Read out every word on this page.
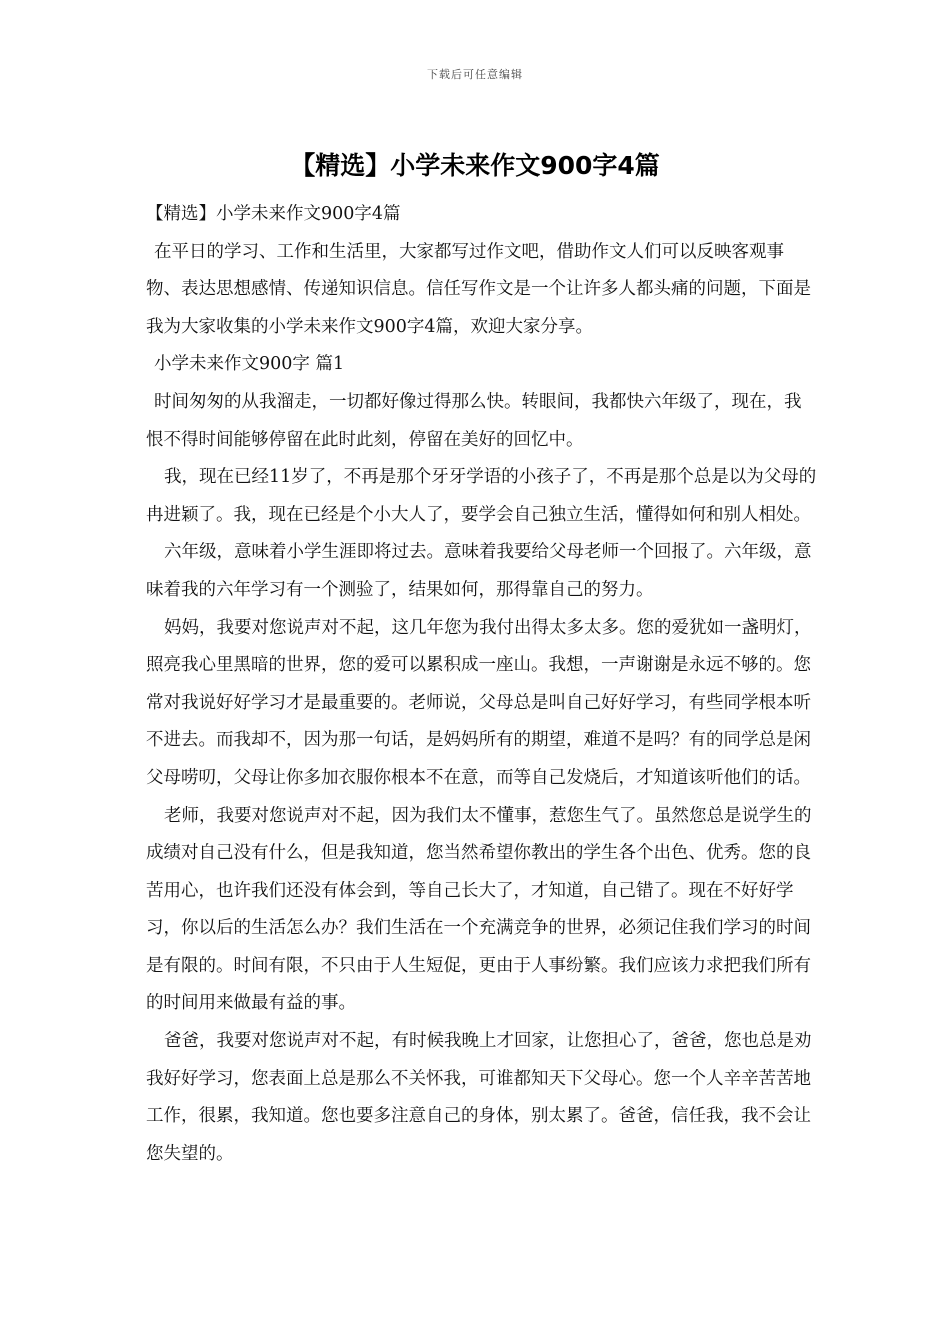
下载后可任意编辑
【精选】小学未来作文900字4篇

【精选】小学未来作文900字4篇

在平日的学习、工作和生活里，大家都写过作文吧，借助作文人们可以反映客观事物、表达思想感情、传递知识信息。信任写作文是一个让许多人都头痛的问题，下面是我为大家收集的小学未来作文900字4篇，欢迎大家分享。

小学未来作文900字 篇1

时间匆匆的从我溜走，一切都好像过得那么快。转眼间，我都快六年级了，现在，我恨不得时间能够停留在此时此刻，停留在美好的回忆中。

我，现在已经11岁了，不再是那个牙牙学语的小孩子了，不再是那个总是以为父母的冉进颖了。我，现在已经是个小大人了，要学会自己独立生活，懂得如何和别人相处。

六年级，意味着小学生涯即将过去。意味着我要给父母老师一个回报了。六年级，意味着我的六年学习有一个测验了，结果如何，那得靠自己的努力。

妈妈，我要对您说声对不起，这几年您为我付出得太多太多。您的爱犹如一盏明灯，照亮我心里黑暗的世界，您的爱可以累积成一座山。我想，一声谢谢是永远不够的。您常对我说好好学习才是最重要的。老师说，父母总是叫自己好好学习，有些同学根本听不进去。而我却不，因为那一句话，是妈妈所有的期望，难道不是吗？有的同学总是闲父母唠叨，父母让你多加衣服你根本不在意，而等自己发烧后，才知道该听他们的话。

老师，我要对您说声对不起，因为我们太不懂事，惹您生气了。虽然您总是说学生的成绩对自己没有什么，但是我知道，您当然希望你教出的学生各个出色、优秀。您的良苦用心，也许我们还没有体会到，等自己长大了，才知道，自己错了。现在不好好学习，你以后的生活怎么办？我们生活在一个充满竞争的世界，必须记住我们学习的时间是有限的。时间有限，不只由于人生短促，更由于人事纷繁。我们应该力求把我们所有的时间用来做最有益的事。

爸爸，我要对您说声对不起，有时候我晚上才回家，让您担心了，爸爸，您也总是劝我好好学习，您表面上总是那么不关怀我，可谁都知天下父母心。您一个人辛辛苦苦地工作，很累，我知道。您也要多注意自己的身体，别太累了。爸爸，信任我，我不会让您失望的。
